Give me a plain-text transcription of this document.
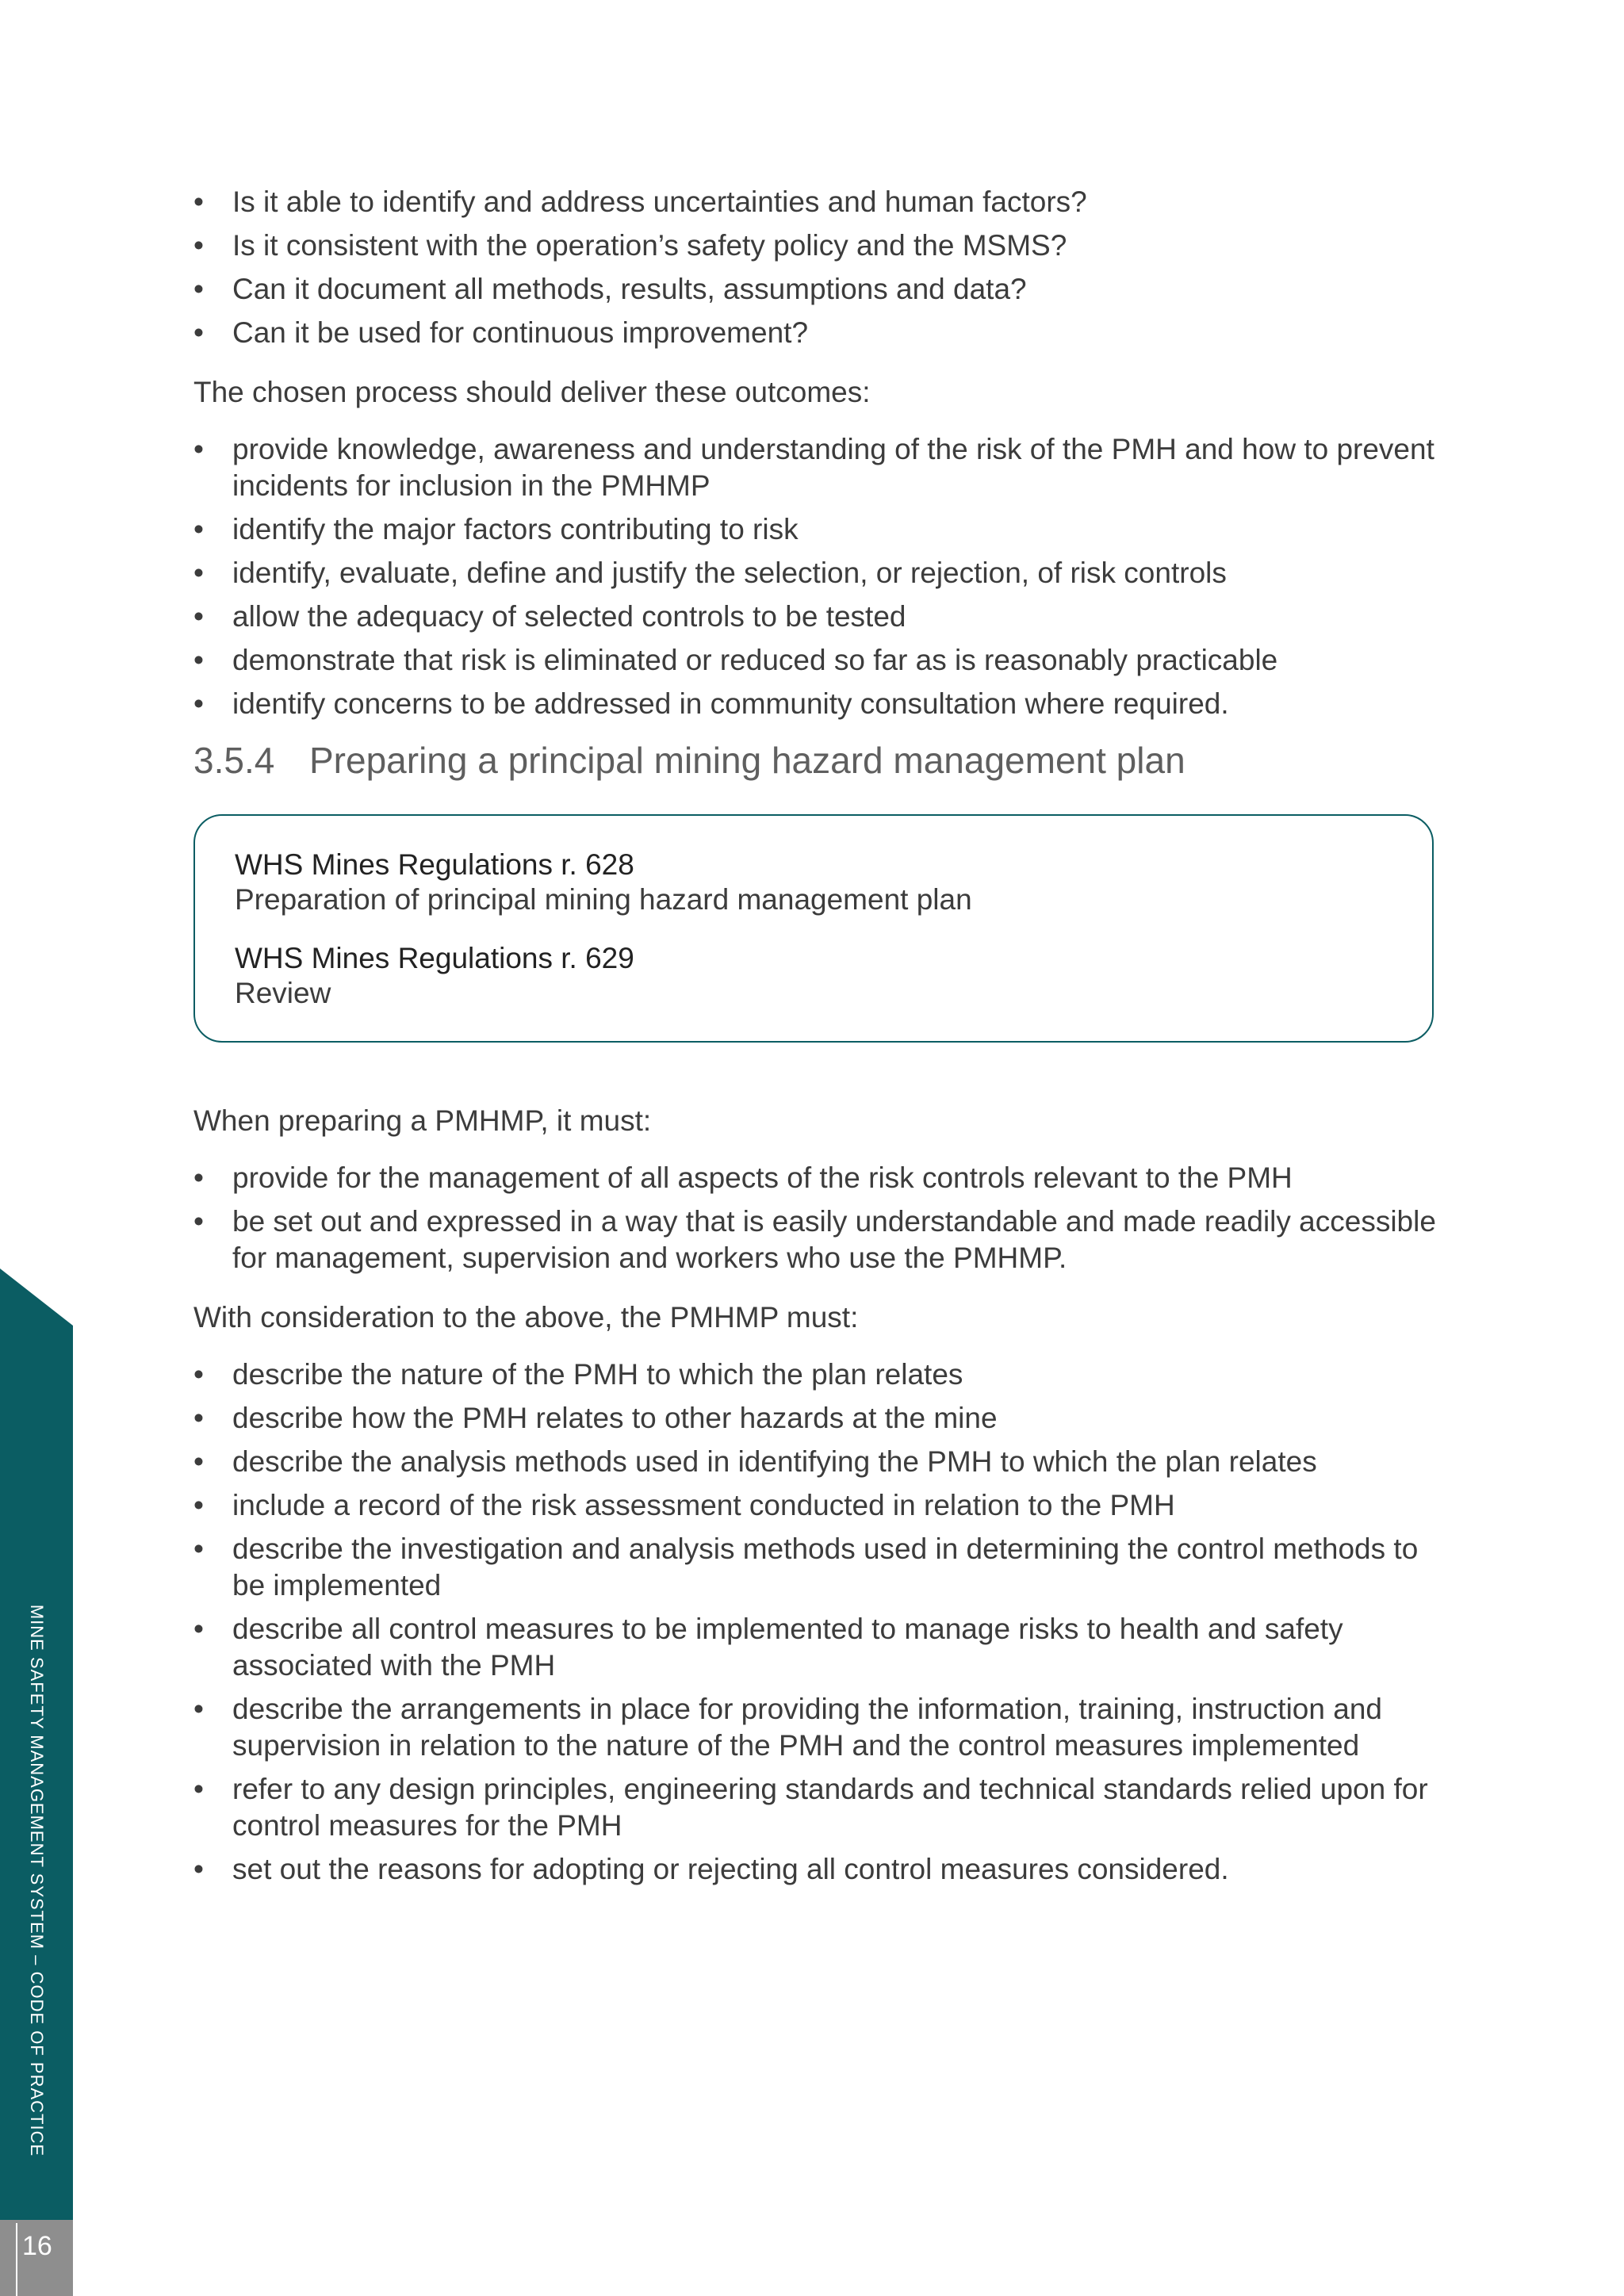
MINE SAFETY MANAGEMENT SYSTEM – CODE OF PRACTICE
16
• Is it able to identify and address uncertainties and human factors?
• Is it consistent with the operation’s safety policy and the MSMS?
• Can it document all methods, results, assumptions and data?
• Can it be used for continuous improvement?

The chosen process should deliver these outcomes:

• provide knowledge, awareness and understanding of the risk of the PMH and how to prevent incidents for inclusion in the PMHMP
• identify the major factors contributing to risk
• identify, evaluate, define and justify the selection, or rejection, of risk controls
• allow the adequacy of selected controls to be tested
• demonstrate that risk is eliminated or reduced so far as is reasonably practicable
• identify concerns to be addressed in community consultation where required.
3.5.4 Preparing a principal mining hazard management plan
WHS Mines Regulations r. 628
Preparation of principal mining hazard management plan
WHS Mines Regulations r. 629
Review

When preparing a PMHMP, it must:

• provide for the management of all aspects of the risk controls relevant to the PMH
• be set out and expressed in a way that is easily understandable and made readily accessible for management, supervision and workers who use the PMHMP.

With consideration to the above, the PMHMP must:

• describe the nature of the PMH to which the plan relates
• describe how the PMH relates to other hazards at the mine
• describe the analysis methods used in identifying the PMH to which the plan relates
• include a record of the risk assessment conducted in relation to the PMH
• describe the investigation and analysis methods used in determining the control methods to be implemented
• describe all control measures to be implemented to manage risks to health and safety associated with the PMH
• describe the arrangements in place for providing the information, training, instruction and supervision in relation to the nature of the PMH and the control measures implemented
• refer to any design principles, engineering standards and technical standards relied upon for control measures for the PMH
• set out the reasons for adopting or rejecting all control measures considered.
